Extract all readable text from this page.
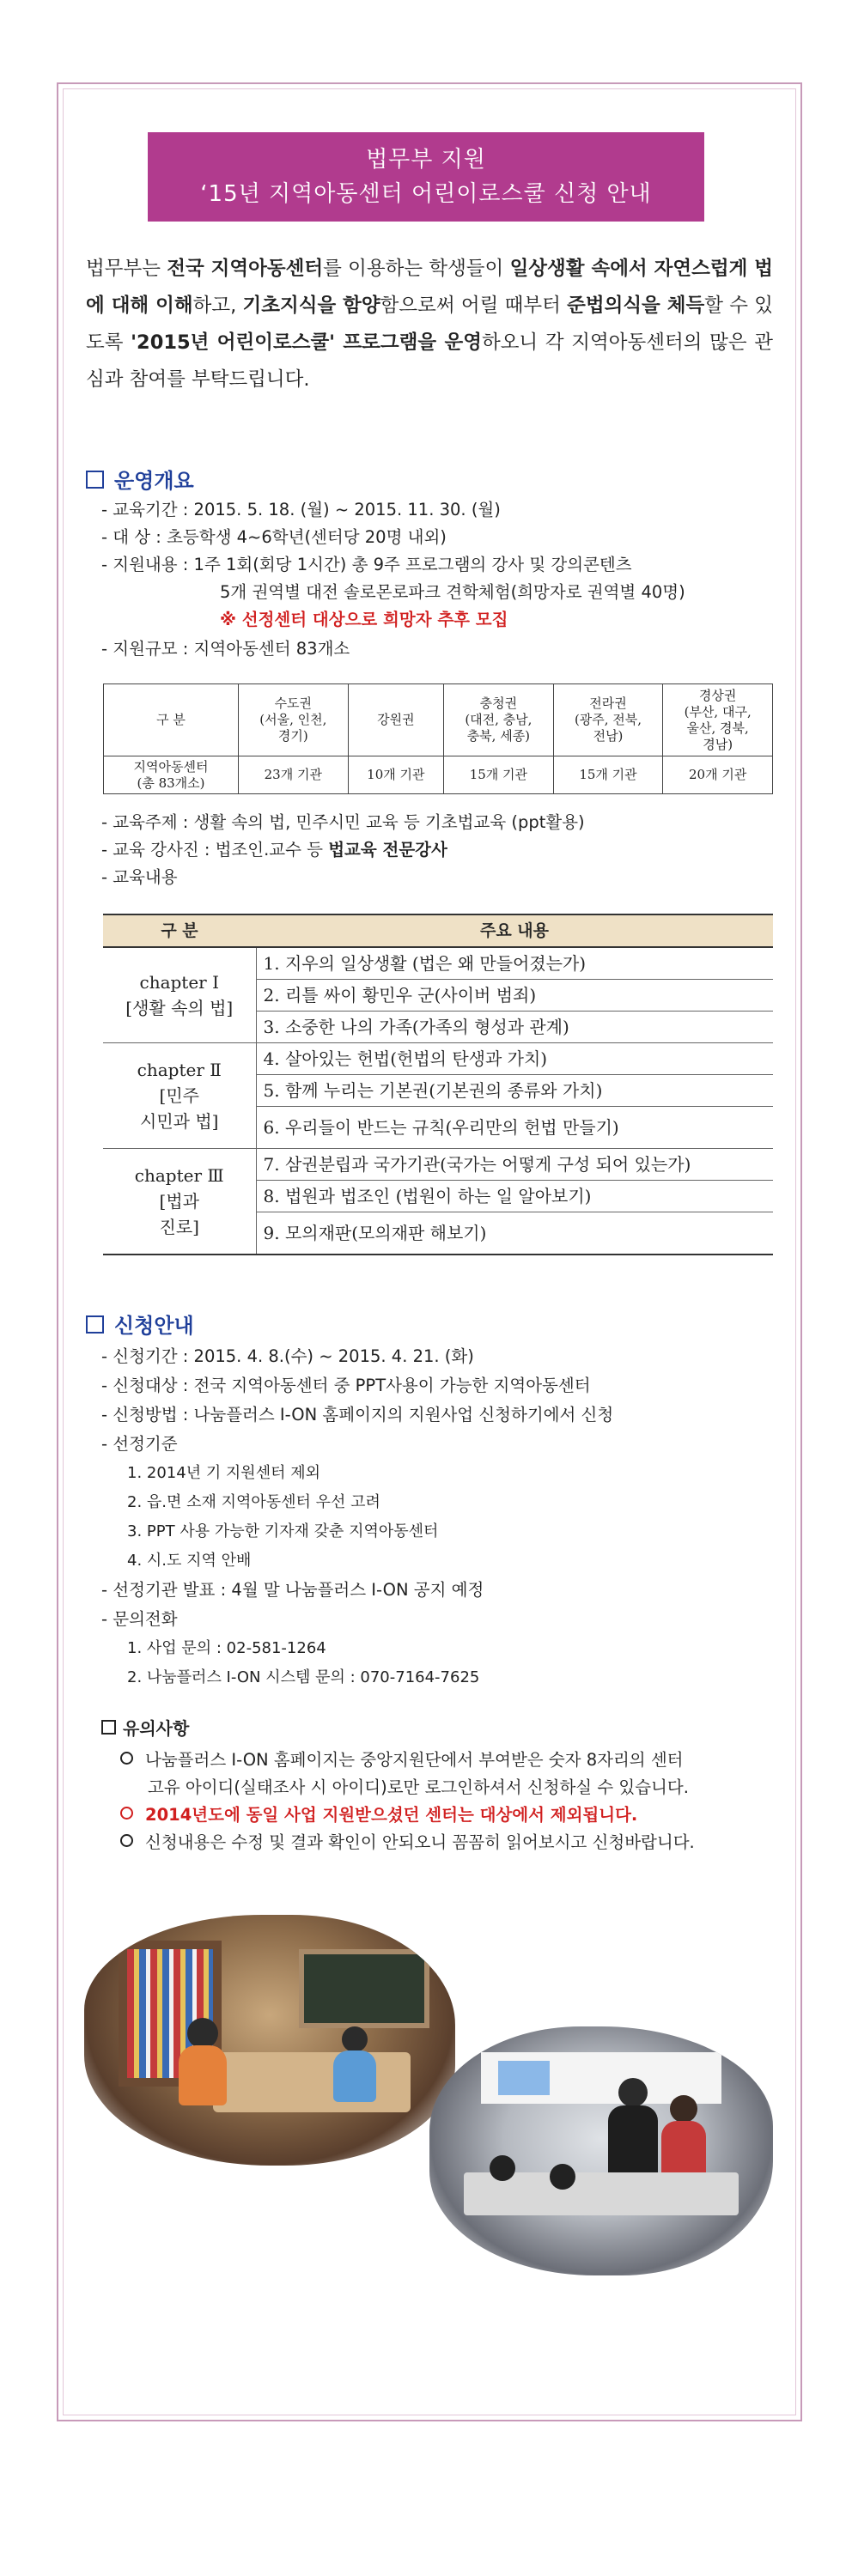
법무부 지원
‘15년 지역아동센터 어린이로스쿨 신청 안내
법무부는 전국 지역아동센터를 이용하는 학생들이 일상생활 속에서 자연스럽게 법에 대해 이해하고, 기초지식을 함양함으로써 어릴 때부터 준법의식을 체득할 수 있도록 '2015년 어린이로스쿨' 프로그램을 운영하오니 각 지역아동센터의 많은 관심과 참여를 부탁드립니다.
운영개요
- 교육기간 : 2015. 5. 18. (월) ~ 2015. 11. 30. (월)
- 대 상 : 초등학생 4~6학년(센터당 20명 내외)
- 지원내용 : 1주 1회(회당 1시간) 총 9주 프로그램의 강사 및 강의콘텐츠
5개 권역별 대전 솔로몬로파크 견학체험(희망자로 권역별 40명)
※ 선정센터 대상으로 희망자 추후 모집
- 지원규모 : 지역아동센터 83개소
구 분	수도권
(서울, 인천,
경기)	강원권	충청권
(대전, 충남,
충북, 세종)	전라권
(광주, 전북,
전남)	경상권
(부산, 대구,
울산, 경북,
경남)
지역아동센터
(총 83개소)	23개 기관	10개 기관	15개 기관	15개 기관	20개 기관
- 교육주제 : 생활 속의 법, 민주시민 교육 등 기초법교육 (ppt활용)
- 교육 강사진 : 법조인.교수 등 법교육 전문강사
- 교육내용
구 분	주요 내용

chapter Ⅰ
[생활 속의 법]	1. 지우의 일상생활 (법은 왜 만들어졌는가)
	2. 리틀 싸이 황민우 군(사이버 범죄)
	3. 소중한 나의 가족(가족의 형성과 관계)

chapter Ⅱ
[민주
시민과 법]	4. 살아있는 헌법(헌법의 탄생과 가치)
	5. 함께 누리는 기본권(기본권의 종류와 가치)
	6. 우리들이 반드는 규칙(우리만의 헌법 만들기)

chapter Ⅲ
[법과
진로]	7. 삼권분립과 국가기관(국가는 어떻게 구성 되어 있는가)
	8. 법원과 법조인 (법원이 하는 일 알아보기)
	9. 모의재판(모의재판 해보기)
신청안내
- 신청기간 : 2015. 4. 8.(수) ~ 2015. 4. 21. (화)
- 신청대상 : 전국 지역아동센터 중 PPT사용이 가능한 지역아동센터
- 신청방법 : 나눔플러스 I-ON 홈페이지의 지원사업 신청하기에서 신청
- 선정기준
1. 2014년 기 지원센터 제외
2. 읍.면 소재 지역아동센터 우선 고려
3. PPT 사용 가능한 기자재 갖춘 지역아동센터
4. 시.도 지역 안배
- 선정기관 발표 : 4월 말 나눔플러스 I-ON 공지 예정
- 문의전화
1. 사업 문의 : 02-581-1264
2. 나눔플러스 I-ON 시스템 문의 : 070-7164-7625
유의사항
나눔플러스 I-ON 홈페이지는 중앙지원단에서 부여받은 숫자 8자리의 센터
고유 아이디(실태조사 시 아이디)로만 로그인하셔서 신청하실 수 있습니다.
2014년도에 동일 사업 지원받으셨던 센터는 대상에서 제외됩니다.
신청내용은 수정 및 결과 확인이 안되오니 꼼꼼히 읽어보시고 신청바랍니다.
